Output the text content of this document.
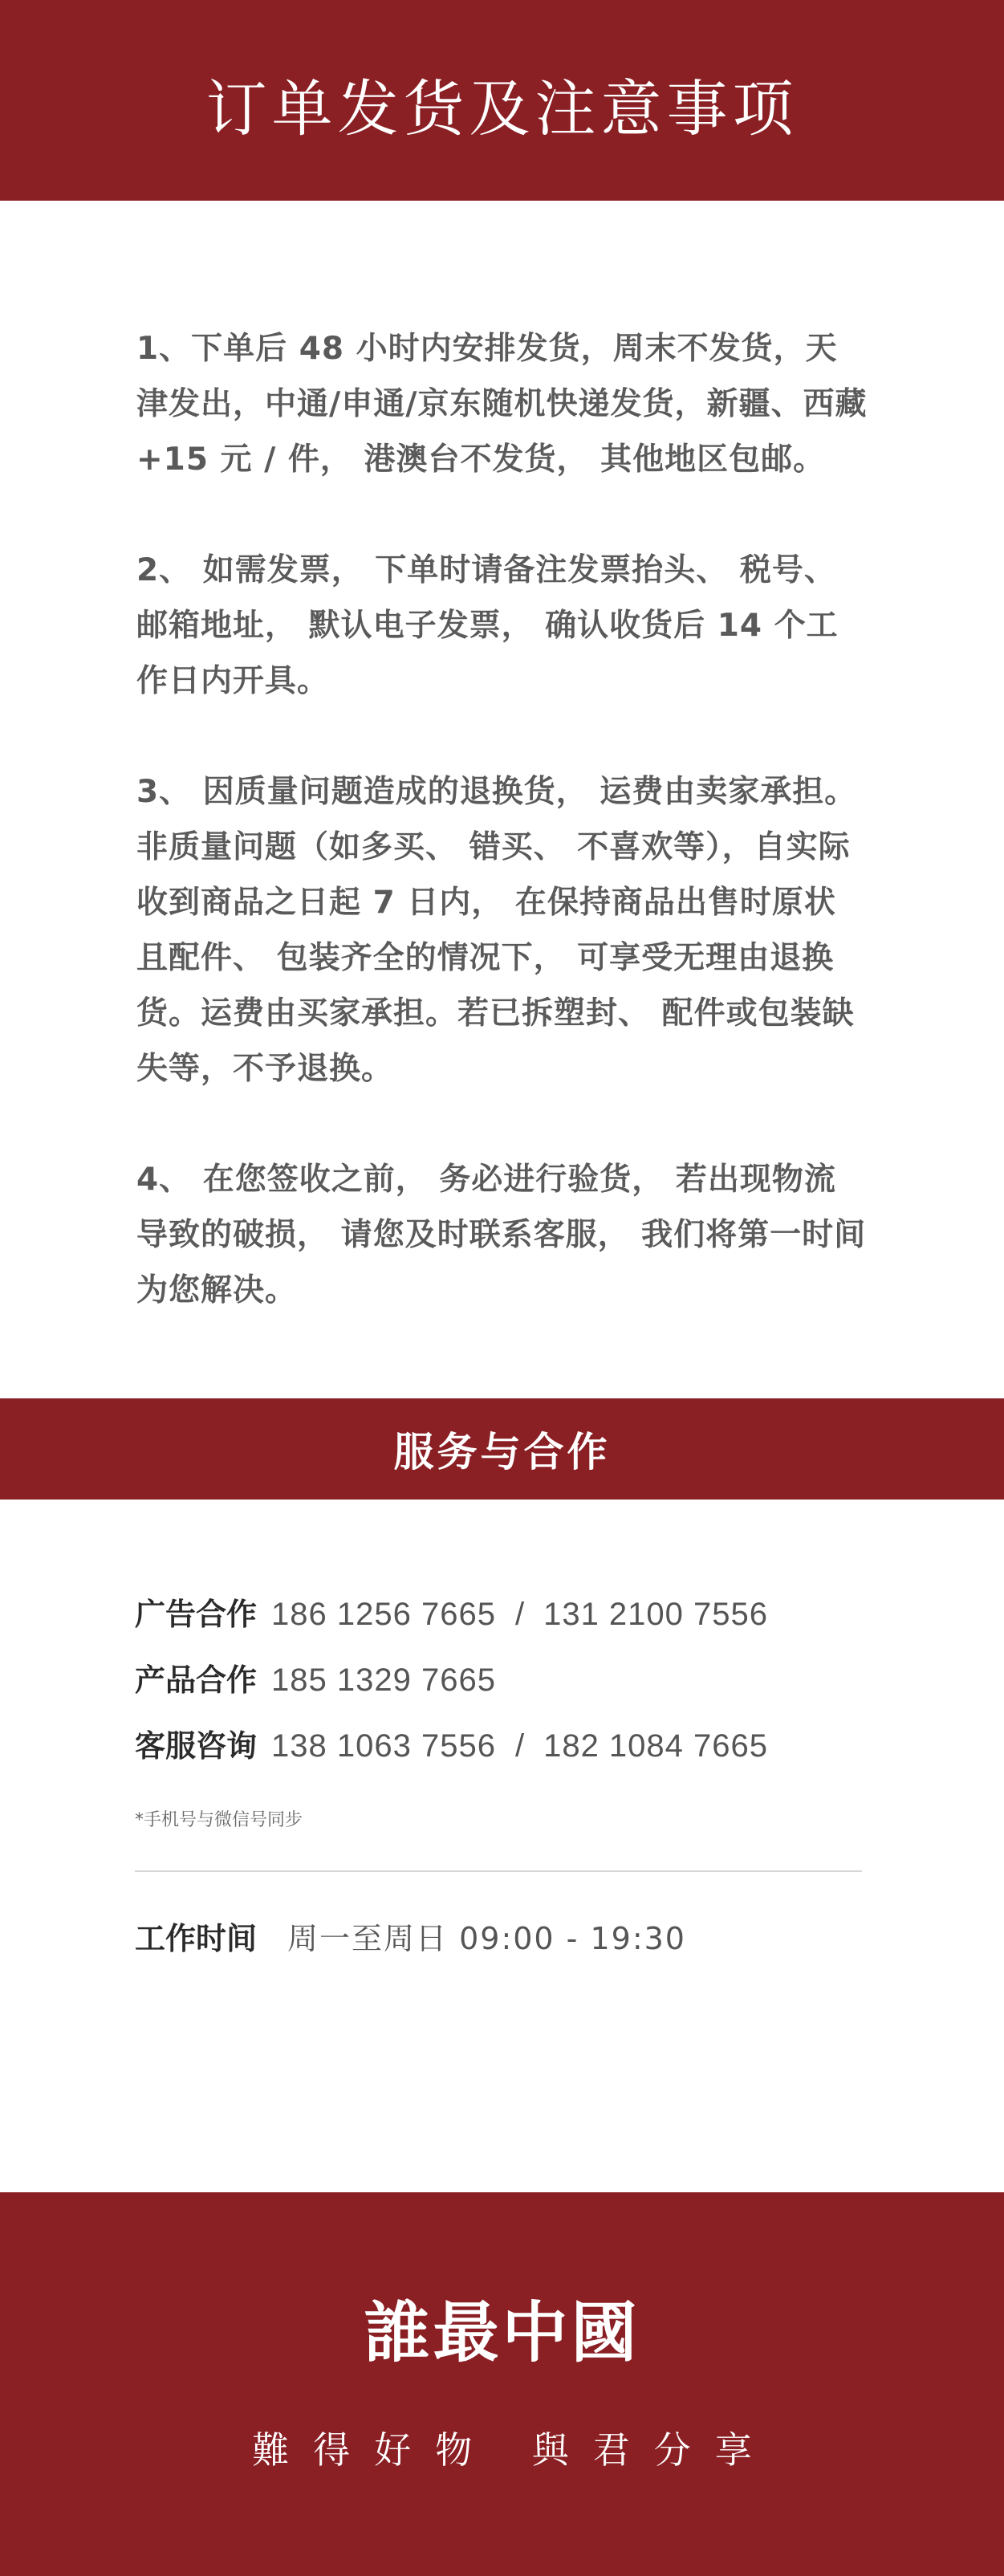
订单发货及注意事项

1、下单后 48 小时内安排发货，周末不发货，天津发出，中通/申通/京东随机快递发货，新疆、西藏 +15 元 / 件， 港澳台不发货， 其他地区包邮。

2、 如需发票， 下单时请备注发票抬头、 税号、邮箱地址， 默认电子发票， 确认收货后 14 个工作日内开具。

3、 因质量问题造成的退换货， 运费由卖家承担。非质量问题（如多买、 错买、 不喜欢等），自实际收到商品之日起 7 日内， 在保持商品出售时原状且配件、 包装齐全的情况下， 可享受无理由退换货。运费由买家承担。若已拆塑封、 配件或包装缺失等，不予退换。

4、 在您签收之前， 务必进行验货， 若出现物流导致的破损， 请您及时联系客服， 我们将第一时间为您解决。

服务与合作
广告合作 186 1256 7665 / 131 2100 7556
产品合作 185 1329 7665
客服咨询 138 1063 7556 / 182 1084 7665
*手机号与微信号同步
工作时间 周一至周日 09:00 - 19:30
誰最中國
難得好物 與君分享
